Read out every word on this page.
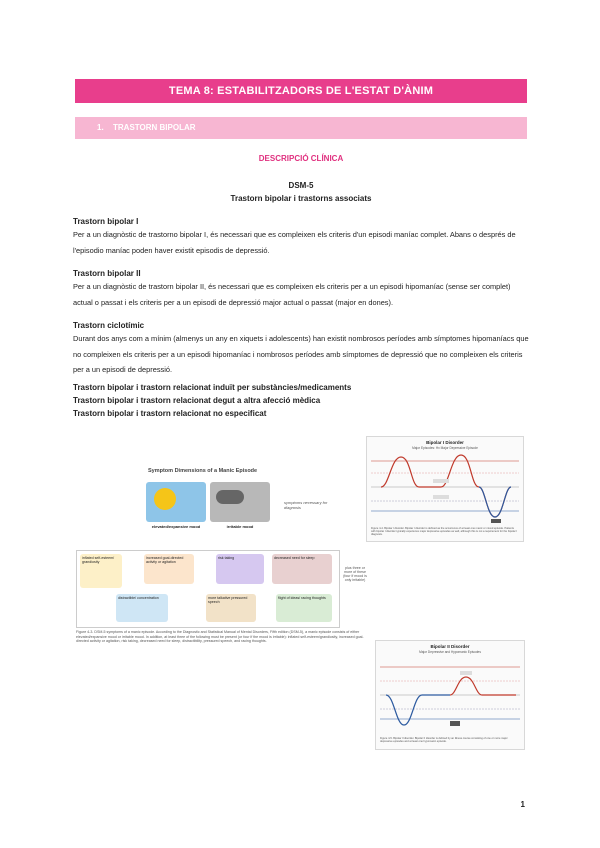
TEMA 8: ESTABILITZADORS DE L'ESTAT D'ÀNIM
1. TRASTORN BIPOLAR
DESCRIPCIÓ CLÍNICA
DSM-5
Trastorn bipolar i trastorns associats
Trastorn bipolar I
Per a un diagnòstic de trastorno bipolar I, és necessari que es compleixen els criteris d'un episodi maníac complet. Abans o després de l'episodio maníac poden haver existit episodis de depressió.
Trastorn bipolar II
Per a un diagnòstic de trastorn bipolar II, és necessari que es compleixen els criteris per a un episodi hipomaníac (sense ser complet) actual o passat i els criteris per a un episodi de depressió major actual o passat (major en dones).
Trastorn ciclotímic
Durant dos anys com a mínim (almenys un any en xiquets i adolescents) han existit nombrosos períodes amb símptomes hipomaníacs que no compleixen els criteris per a un episodi hipomaníac i nombrosos períodes amb símptomes de depressió que no compleixen els criteris per a un episodi de depressió.
Trastorn bipolar i trastorn relacionat induït per substàncies/medicaments
Trastorn bipolar i trastorn relacionat degut a altra afecció mèdica
Trastorn bipolar i trastorn relacionat no especificat
Symptom Dimensions of a Manic Episode
elevated/expansive mood	irritable mood
symptoms necessary for diagnosis
inflated self-esteem/ grandiosity
increased goal-directed activity or agitation
risk taking	decreased need for sleep
distractible/ concentration	more talkative pressured speech
flight of ideas/ racing thoughts
plus three or more of these (four if mood is only irritable)
Figure 4-3. DSM-5 symptoms of a manic episode. According to the Diagnostic and Statistical Manual of Mental Disorders, Fifth edition (DSM-5), a manic episode consists of either elevated/expansive mood or irritable mood. In addition, at least three of the following must be present (or four if the mood is irritable): inflated self-esteem/grandiosity, increased goal-directed activity or agitation, risk taking, decreased need for sleep, distractibility, pressured speech, and racing thoughts.
Bipolar I Disorder
Major Episodes: Hx Major Depressive Episode
Figure 4-4. Bipolar I disorder. Bipolar I disorder is defined as the occurrence of at least one manic or mixed episode. Patients with bipolar I disorder typically experience major depressive episodes as well, although this is not a requirement for the bipolar I diagnosis.
Bipolar II Disorder
Major Depressive and Hypomanic Episodes
Figure 4-5. Bipolar II disorder. Bipolar II disorder is defined by an illness course consisting of one or more major depressive episodes and at least one hypomanic episode.
1
